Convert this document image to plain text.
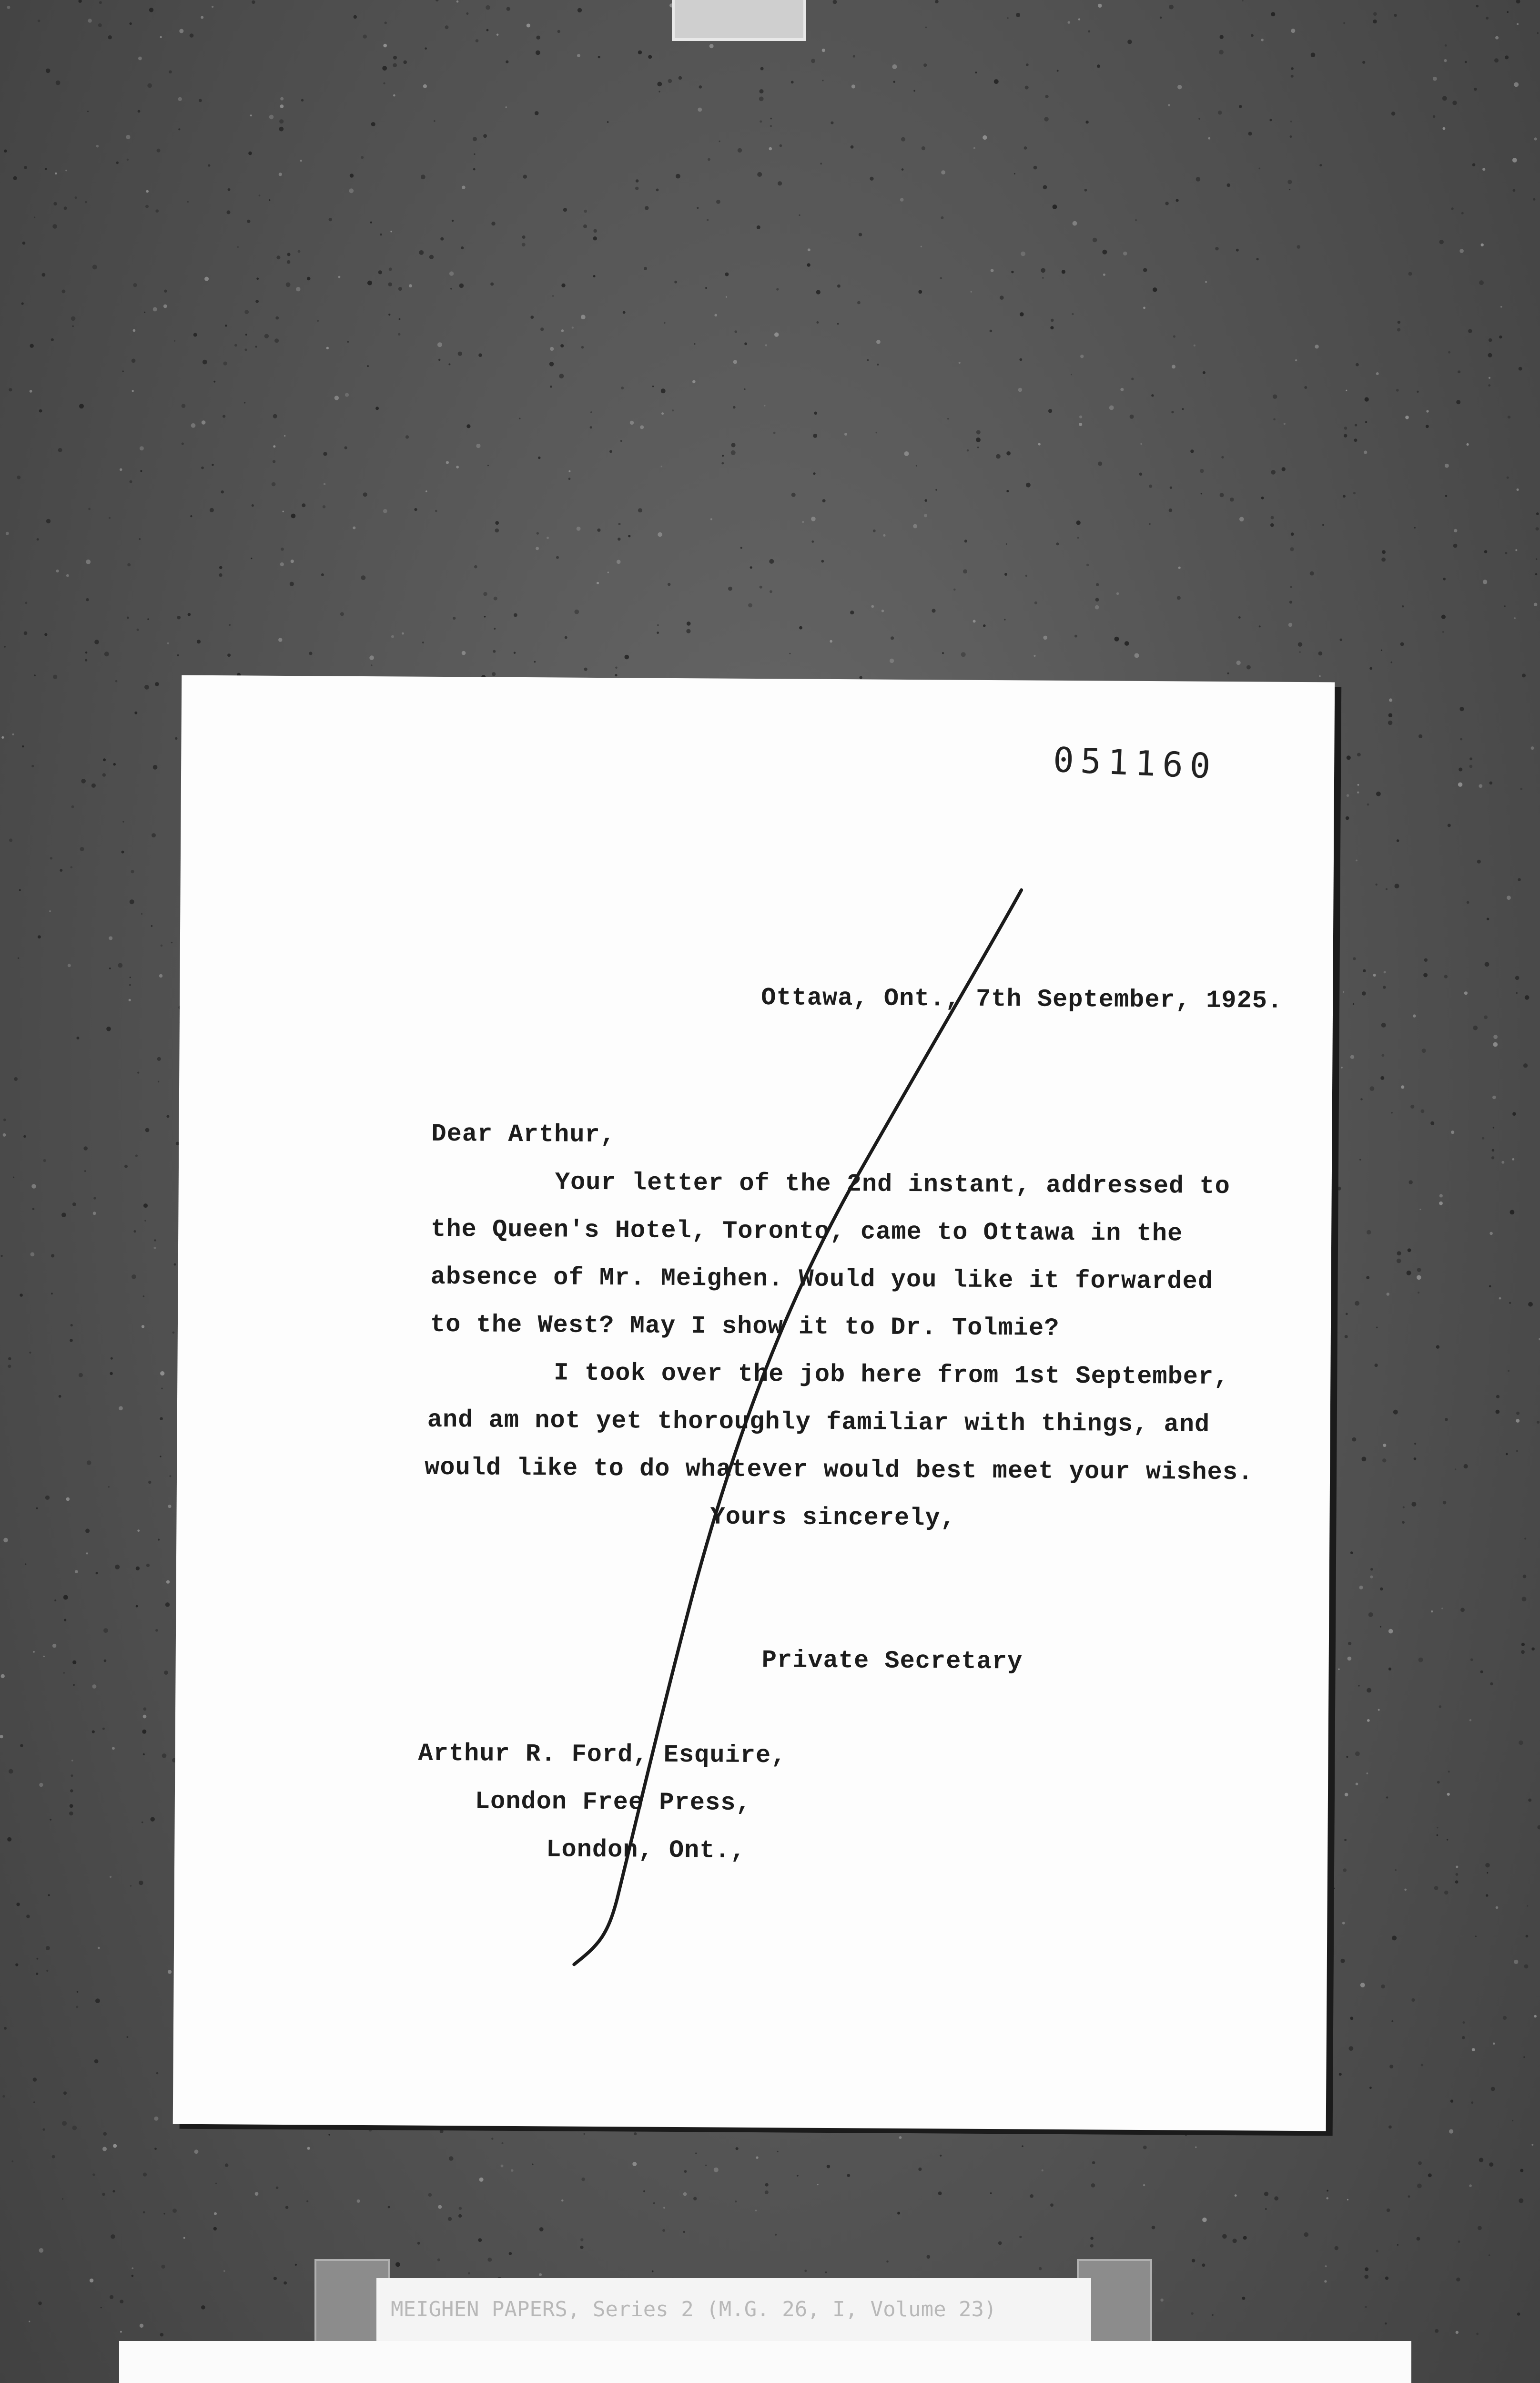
051160
Ottawa, Ont., 7th September, 1925.
Dear Arthur,
Your letter of the 2nd instant, addressed to
the Queen's Hotel, Toronto, came to Ottawa in the
absence of Mr. Meighen. Would you like it forwarded
to the West? May I show it to Dr. Tolmie?
I took over the job here from 1st September,
and am not yet thoroughly familiar with things, and
would like to do whatever would best meet your wishes.
Yours sincerely,
Private Secretary
Arthur R. Ford, Esquire,
London Free Press,
London, Ont.,
MEIGHEN PAPERS, Series 2 (M.G. 26, I, Volume 23)
